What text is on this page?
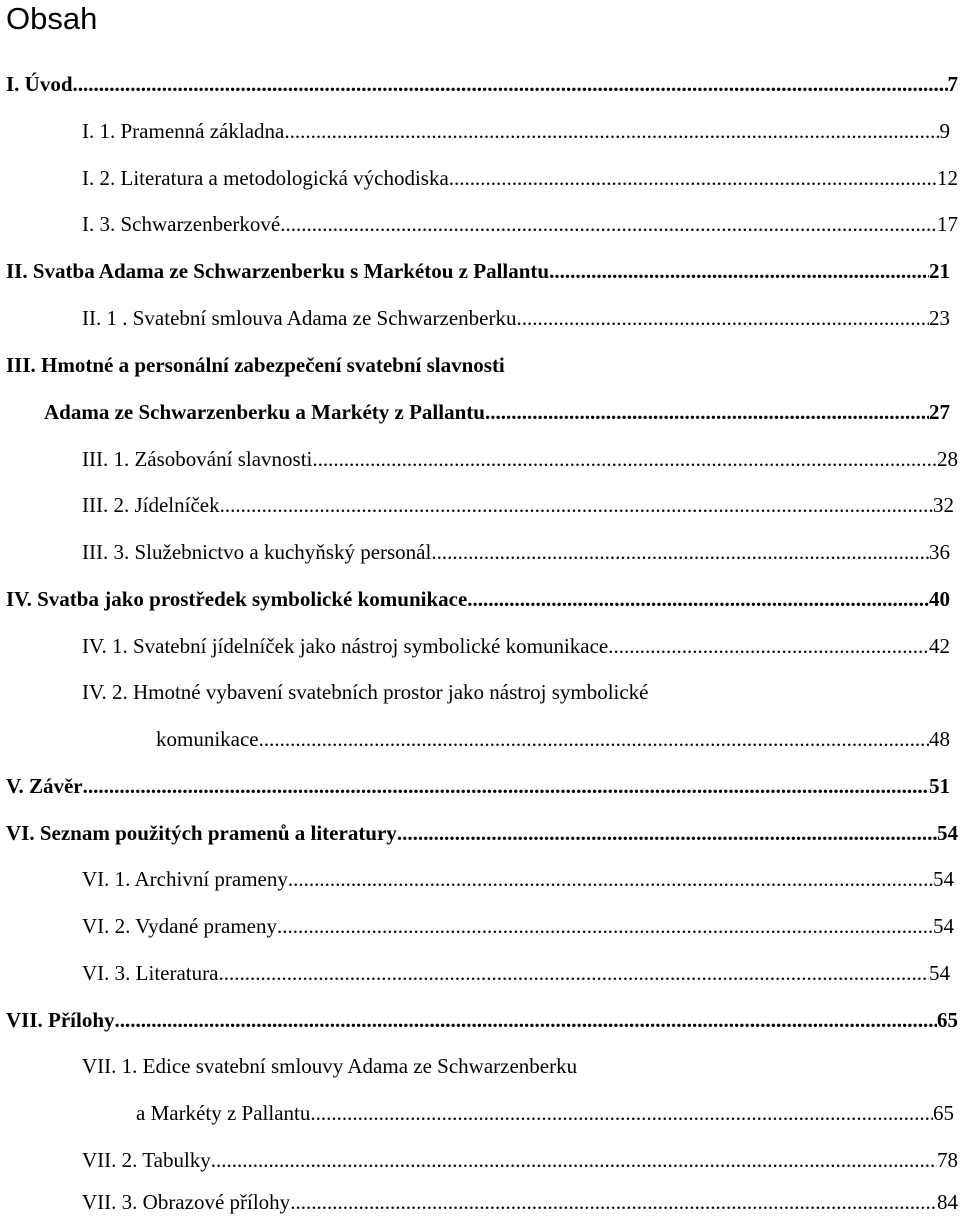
Obsah
I. Úvod .....	7
I. 1. Pramenná základna .....	9
I. 2. Literatura a metodologická východiska .....	12
I. 3. Schwarzenberkové .....	17
II. Svatba Adama ze Schwarzenberku s Markétou z Pallantu .....	21
II. 1 . Svatební smlouva Adama ze Schwarzenberku .....	23
III. Hmotné a personální zabezpečení svatební slavnosti
Adama ze Schwarzenberku a Markéty z Pallantu .....	27
III. 1. Zásobování slavnosti .....	28
III. 2. Jídelníček .....	32
III. 3. Služebnictvo a kuchyňský personál .....	36
IV. Svatba jako prostředek symbolické komunikace .....	40
IV. 1. Svatební jídelníček jako nástroj symbolické komunikace .....	42
IV. 2. Hmotné vybavení svatebních prostor jako nástroj symbolické
komunikace .....	48
V. Závěr .....	51
VI. Seznam použitých pramenů a literatury .....	54
VI. 1. Archivní prameny .....	54
VI. 2. Vydané prameny .....	54
VI. 3. Literatura .....	54
VII. Přílohy .....	65
VII. 1. Edice svatební smlouvy Adama ze Schwarzenberku
a Markéty z Pallantu .....	65
VII. 2. Tabulky .....	78
VII. 3. Obrazové přílohy .....	84
